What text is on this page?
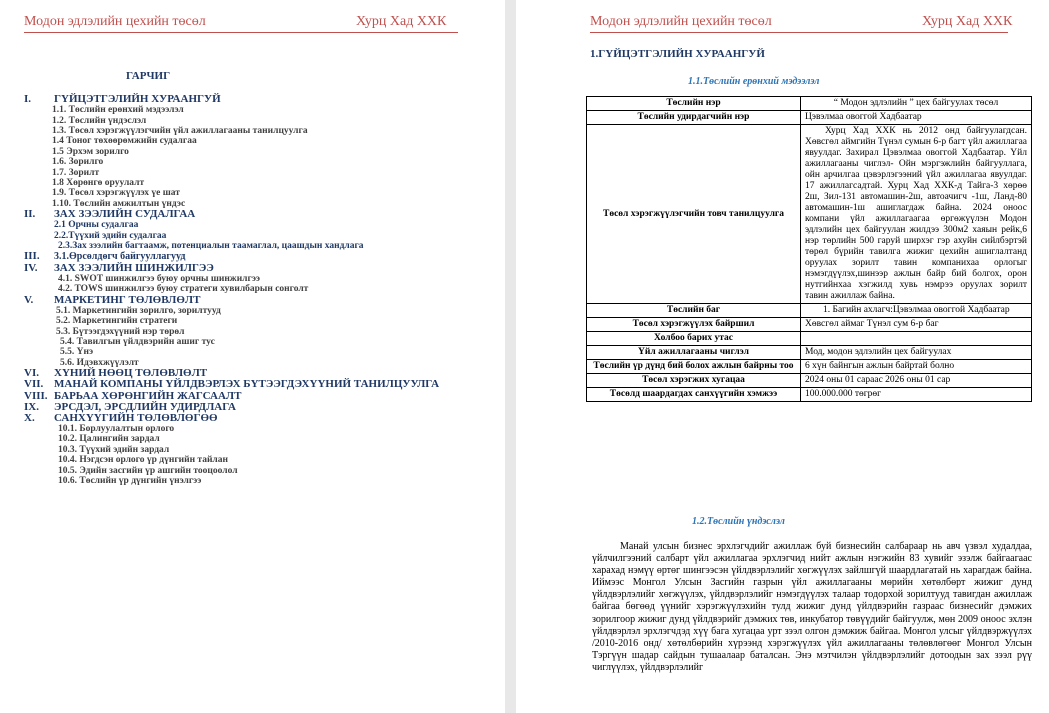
Модон эдлэлийн цехийн төсөл	Хурц Хад ХХК
ГАРЧИГ
I. ГҮЙЦЭТГЭЛИЙН ХУРААНГУЙ
1.1. Төслийн ерөнхий мэдээлэл
1.2. Төслийн үндэслэл
1.3. Төсөл хэрэгжүүлэгчийн үйл ажиллагааны танилцуулга
1.4 Тоног төхөөрөмжийн судалгаа
1.5 Эрхэм зорилго
1.6. Зорилго
1.7. Зорилт
1.8 Хөрөнгө оруулалт
1.9. Төсөл хэрэгжүүлэх үе шат
1.10. Төслийн амжилтын үндэс
II. ЗАХ ЗЭЭЛИЙН СУДАЛГАА
2.1 Орчны судалгаа
2.2.Түүхий эдийн судалгаа
2.3.Зах зээлийн багтаамж, потенциалын таамаглал, цаашдын хандлага
III. 3.1.Өрсөлдөгч байгууллагууд
IV. ЗАХ ЗЭЭЛИЙН ШИНЖИЛГЭЭ
4.1. SWOT шинжилгээ буюу орчны шинжилгээ
4.2. TOWS шинжилгээ буюу стратеги хувилбарын сонголт
V. МАРКЕТИНГ ТӨЛӨВЛӨЛТ
5.1. Маркетингийн зорилго, зорилтууд
5.2. Маркетингийн стратеги
5.3. Бүтээгдэхүүний нэр төрөл
5.4. Тавилгын үйлдвэрийн ашиг тус
5.5. Үнэ
5.6. Идэвхжүүлэлт
VI. ХҮНИЙ НӨӨЦ ТӨЛӨВЛӨЛТ
VII. МАНАЙ КОМПАНЫ ҮЙЛДВЭРЛЭХ БҮТЭЭГДЭХҮҮНИЙ ТАНИЛЦУУЛГА
VIII. БАРЬАА ХӨРӨНГИЙН ЖАГСААЛТ
IX. ЭРСДЭЛ, ЭРСДЛИЙН УДИРДЛАГА
X. САНХҮҮГИЙН ТӨЛӨВЛӨГӨӨ
10.1. Борлуулалтын орлого
10.2. Цалингийн зардал
10.3. Түүхий эдийн зардал
10.4. Нэгдсэн орлого үр дүнгийн тайлан
10.5. Эдийн засгийн үр ашгийн тооцоолол
10.6. Төслийн үр дүнгийн үнэлгээ
Модон эдлэлийн цехийн төсөл	Хурц Хад ХХК
1.ГҮЙЦЭТГЭЛИЙН ХУРААНГУЙ
1.1.Төслийн ерөнхий мэдээлэл
Төслийн нэр	“ Модон эдлэлийн ” цех байгуулах төсөл
Төслийн удирдагчийн нэр	Цэвэлмаа овоггой Хадбаатар
Төсөл хэрэгжүүлэгчийн товч танилцуулга	Хурц Хад ХХК нь 2012 онд байгуулагдсан. Хөвсгөл аймгийн Түнэл сумын 6-р багт үйл ажиллагаа явуулдаг. Захирал Цэвэлмаа овоггой Хадбаатар. Үйл ажиллагааны чиглэл- Ойн мэргэжлийн байгууллага, ойн арчилгаа цэвэрлэгээний үйл ажиллагаа явуулдаг. 17 ажиллагсадтай. Хурц Хад ХХК-д Тайга-3 хөрөө 2ш, Зил-131 автомашин-2ш, автоачигч -1ш, Ланд-80 автомашин-1ш ашиглагдаж байна. 2024 оноос компани үйл ажиллагаагаа өргөжүүлэн Модон эдлэлийн цех байгуулан жилдээ 300м2 хаяын рейк,6 нэр төрлийн 500 гаруй ширхэг гэр ахуйн сийлбэртэй төрөл бүрийн тавилга жижиг цехийн ашиглалтанд оруулах зорилт тавин компанихаа орлогыг нэмэгдүүлэх,шинээр ажлын байр бий болгох, орон нутгийнхаа хэгжилд хувь нэмрээ оруулах зорилт тавин ажиллаж байна.
Төслийн баг	1. Багийн ахлагч:Цэвэлмаа овоггой Хадбаатар
Төсөл хэрэгжүүлэх байршил	Хөвсгөл аймаг Түнэл сум 6-р баг
Холбоо барих утас	
Үйл ажиллагааны чиглэл	Мод, модон эдлэлийн цех байгуулах
Төслийн үр дүнд бий болох ажлын байрны тоо	6 хүн байнгын ажлын байртай болно
Төсөл хэрэгжих хугацаа	2024 оны 01 сараас 2026 оны 01 сар
Төсөлд шаардагдах санхүүгийн хэмжээ	100.000.000 төгрөг
1.2.Төслийн үндэслэл
Манай улсын бизнес эрхлэгчдийг ажиллаж буй бизнесийн салбараар нь авч үзвэл худалдаа, үйлчилгээний салбарт үйл ажиллагаа эрхлэгчид нийт ажлын нэгжийн 83 хувийг эзэлж байгаагаас харахад нэмүү өртөг шингээсэн үйлдвэрлэлийг хөгжүүлэх зайлшгүй шаардлагатай нь харагдаж байна. Иймээс Монгол Улсын Засгийн газрын үйл ажиллагааны мөрийн хөтөлбөрт жижиг дунд үйлдвэрлэлийг хөгжүүлэх, үйлдвэрлэлийг нэмэгдүүлэх талаар тодорхой зорилтууд тавигдан ажиллаж байгаа бөгөөд үүнийг хэрэгжүүлэхийн тулд жижиг дунд үйлдвэрийн газраас бизнесийг дэмжих зорилгоор жижиг дунд үйлдвэрийг дэмжих төв, инкубатор төвүүдийг байгуулж, мөн 2009 оноос эхлэн үйлдвэрлэл эрхлэгчдэд хүү бага хугацаа урт зээл олгон дэмжиж байгаа. Монгол улсыг үйлдвэржүүлэх /2010-2016 онд/ хөтөлбөрийн хүрээнд хэрэгжүүлэх үйл ажиллагааны төлөвлөгөөг Монгол Улсын Тэргүүн шадар сайдын тушаалаар баталсан. Энэ мэтчилэн үйлдвэрлэлийг дотоодын зах зээл рүү чиглүүлэх, үйлдвэрлэлийг
